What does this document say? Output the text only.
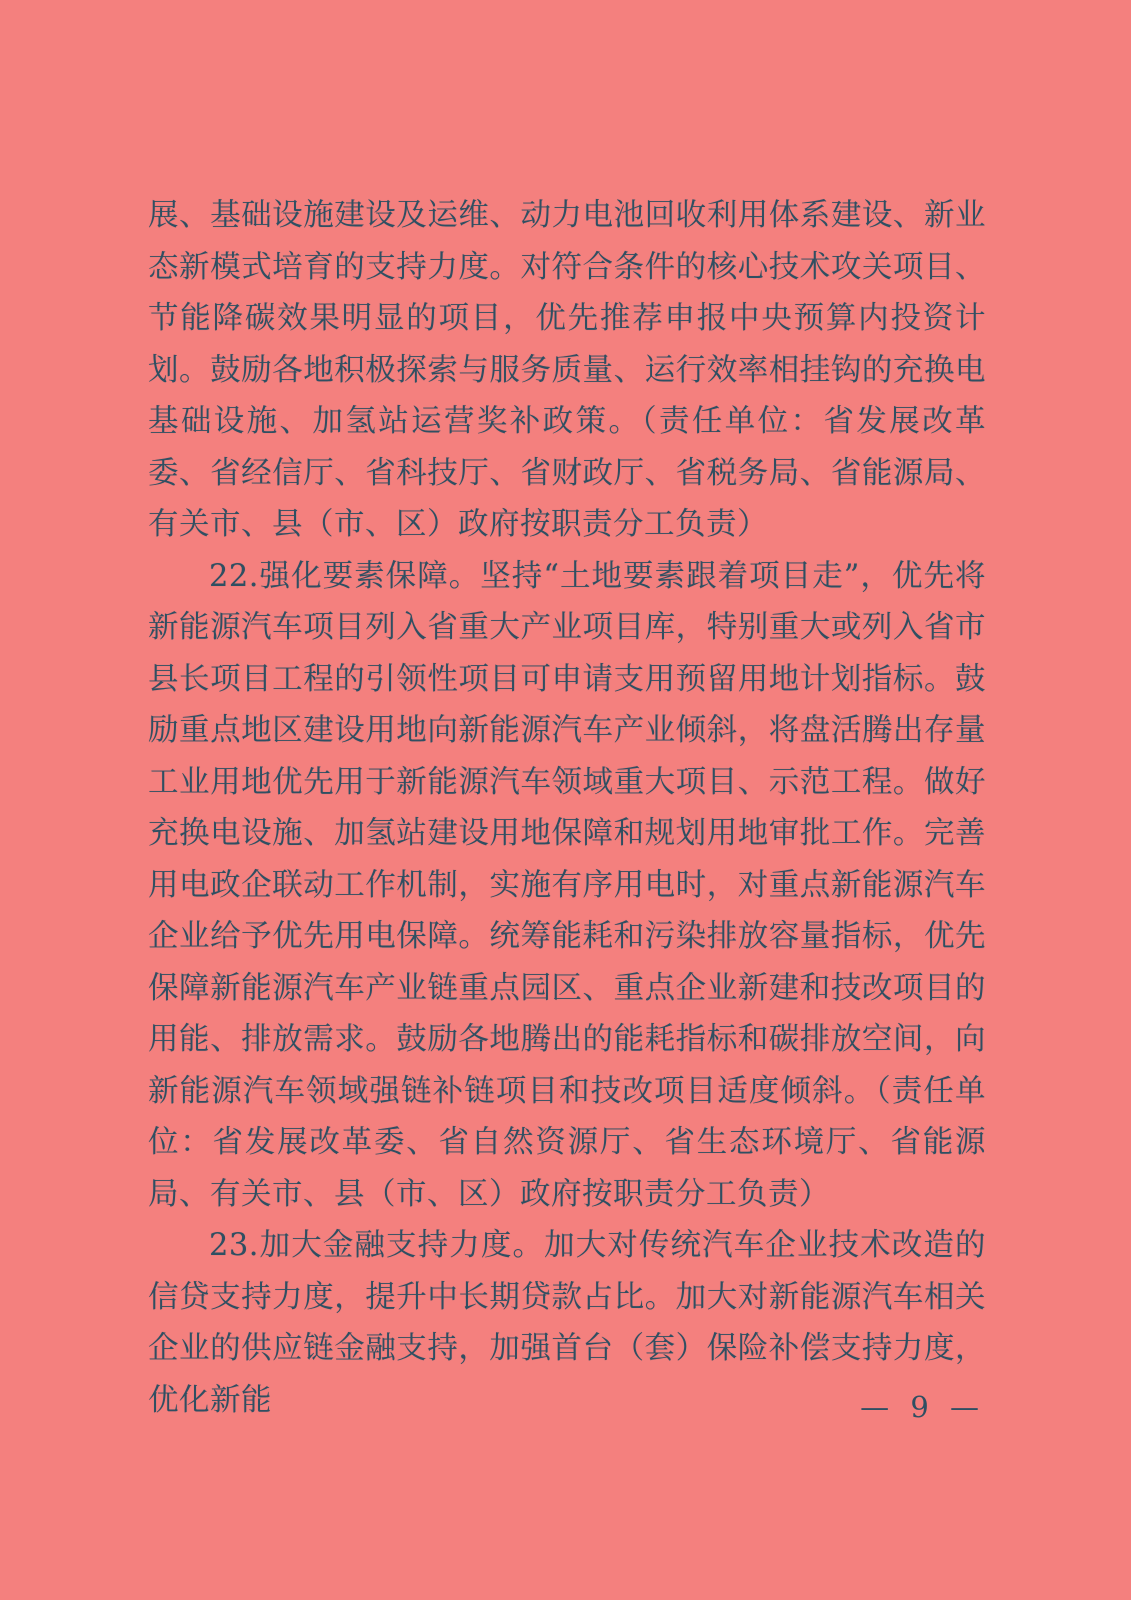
展、基础设施建设及运维、动力电池回收利用体系建设、新业态新模式培育的支持力度。对符合条件的核心技术攻关项目、节能降碳效果明显的项目，优先推荐申报中央预算内投资计划。鼓励各地积极探索与服务质量、运行效率相挂钩的充换电基础设施、加氢站运营奖补政策。（责任单位：省发展改革委、省经信厅、省科技厅、省财政厅、省税务局、省能源局、有关市、县（市、区）政府按职责分工负责）

22.强化要素保障。坚持“土地要素跟着项目走”，优先将新能源汽车项目列入省重大产业项目库，特别重大或列入省市县长项目工程的引领性项目可申请支用预留用地计划指标。鼓励重点地区建设用地向新能源汽车产业倾斜，将盘活腾出存量工业用地优先用于新能源汽车领域重大项目、示范工程。做好充换电设施、加氢站建设用地保障和规划用地审批工作。完善用电政企联动工作机制，实施有序用电时，对重点新能源汽车企业给予优先用电保障。统筹能耗和污染排放容量指标，优先保障新能源汽车产业链重点园区、重点企业新建和技改项目的用能、排放需求。鼓励各地腾出的能耗指标和碳排放空间，向新能源汽车领域强链补链项目和技改项目适度倾斜。（责任单位：省发展改革委、省自然资源厅、省生态环境厅、省能源局、有关市、县（市、区）政府按职责分工负责）

23.加大金融支持力度。加大对传统汽车企业技术改造的信贷支持力度，提升中长期贷款占比。加大对新能源汽车相关企业的供应链金融支持，加强首台（套）保险补偿支持力度，优化新能	— 9 —
